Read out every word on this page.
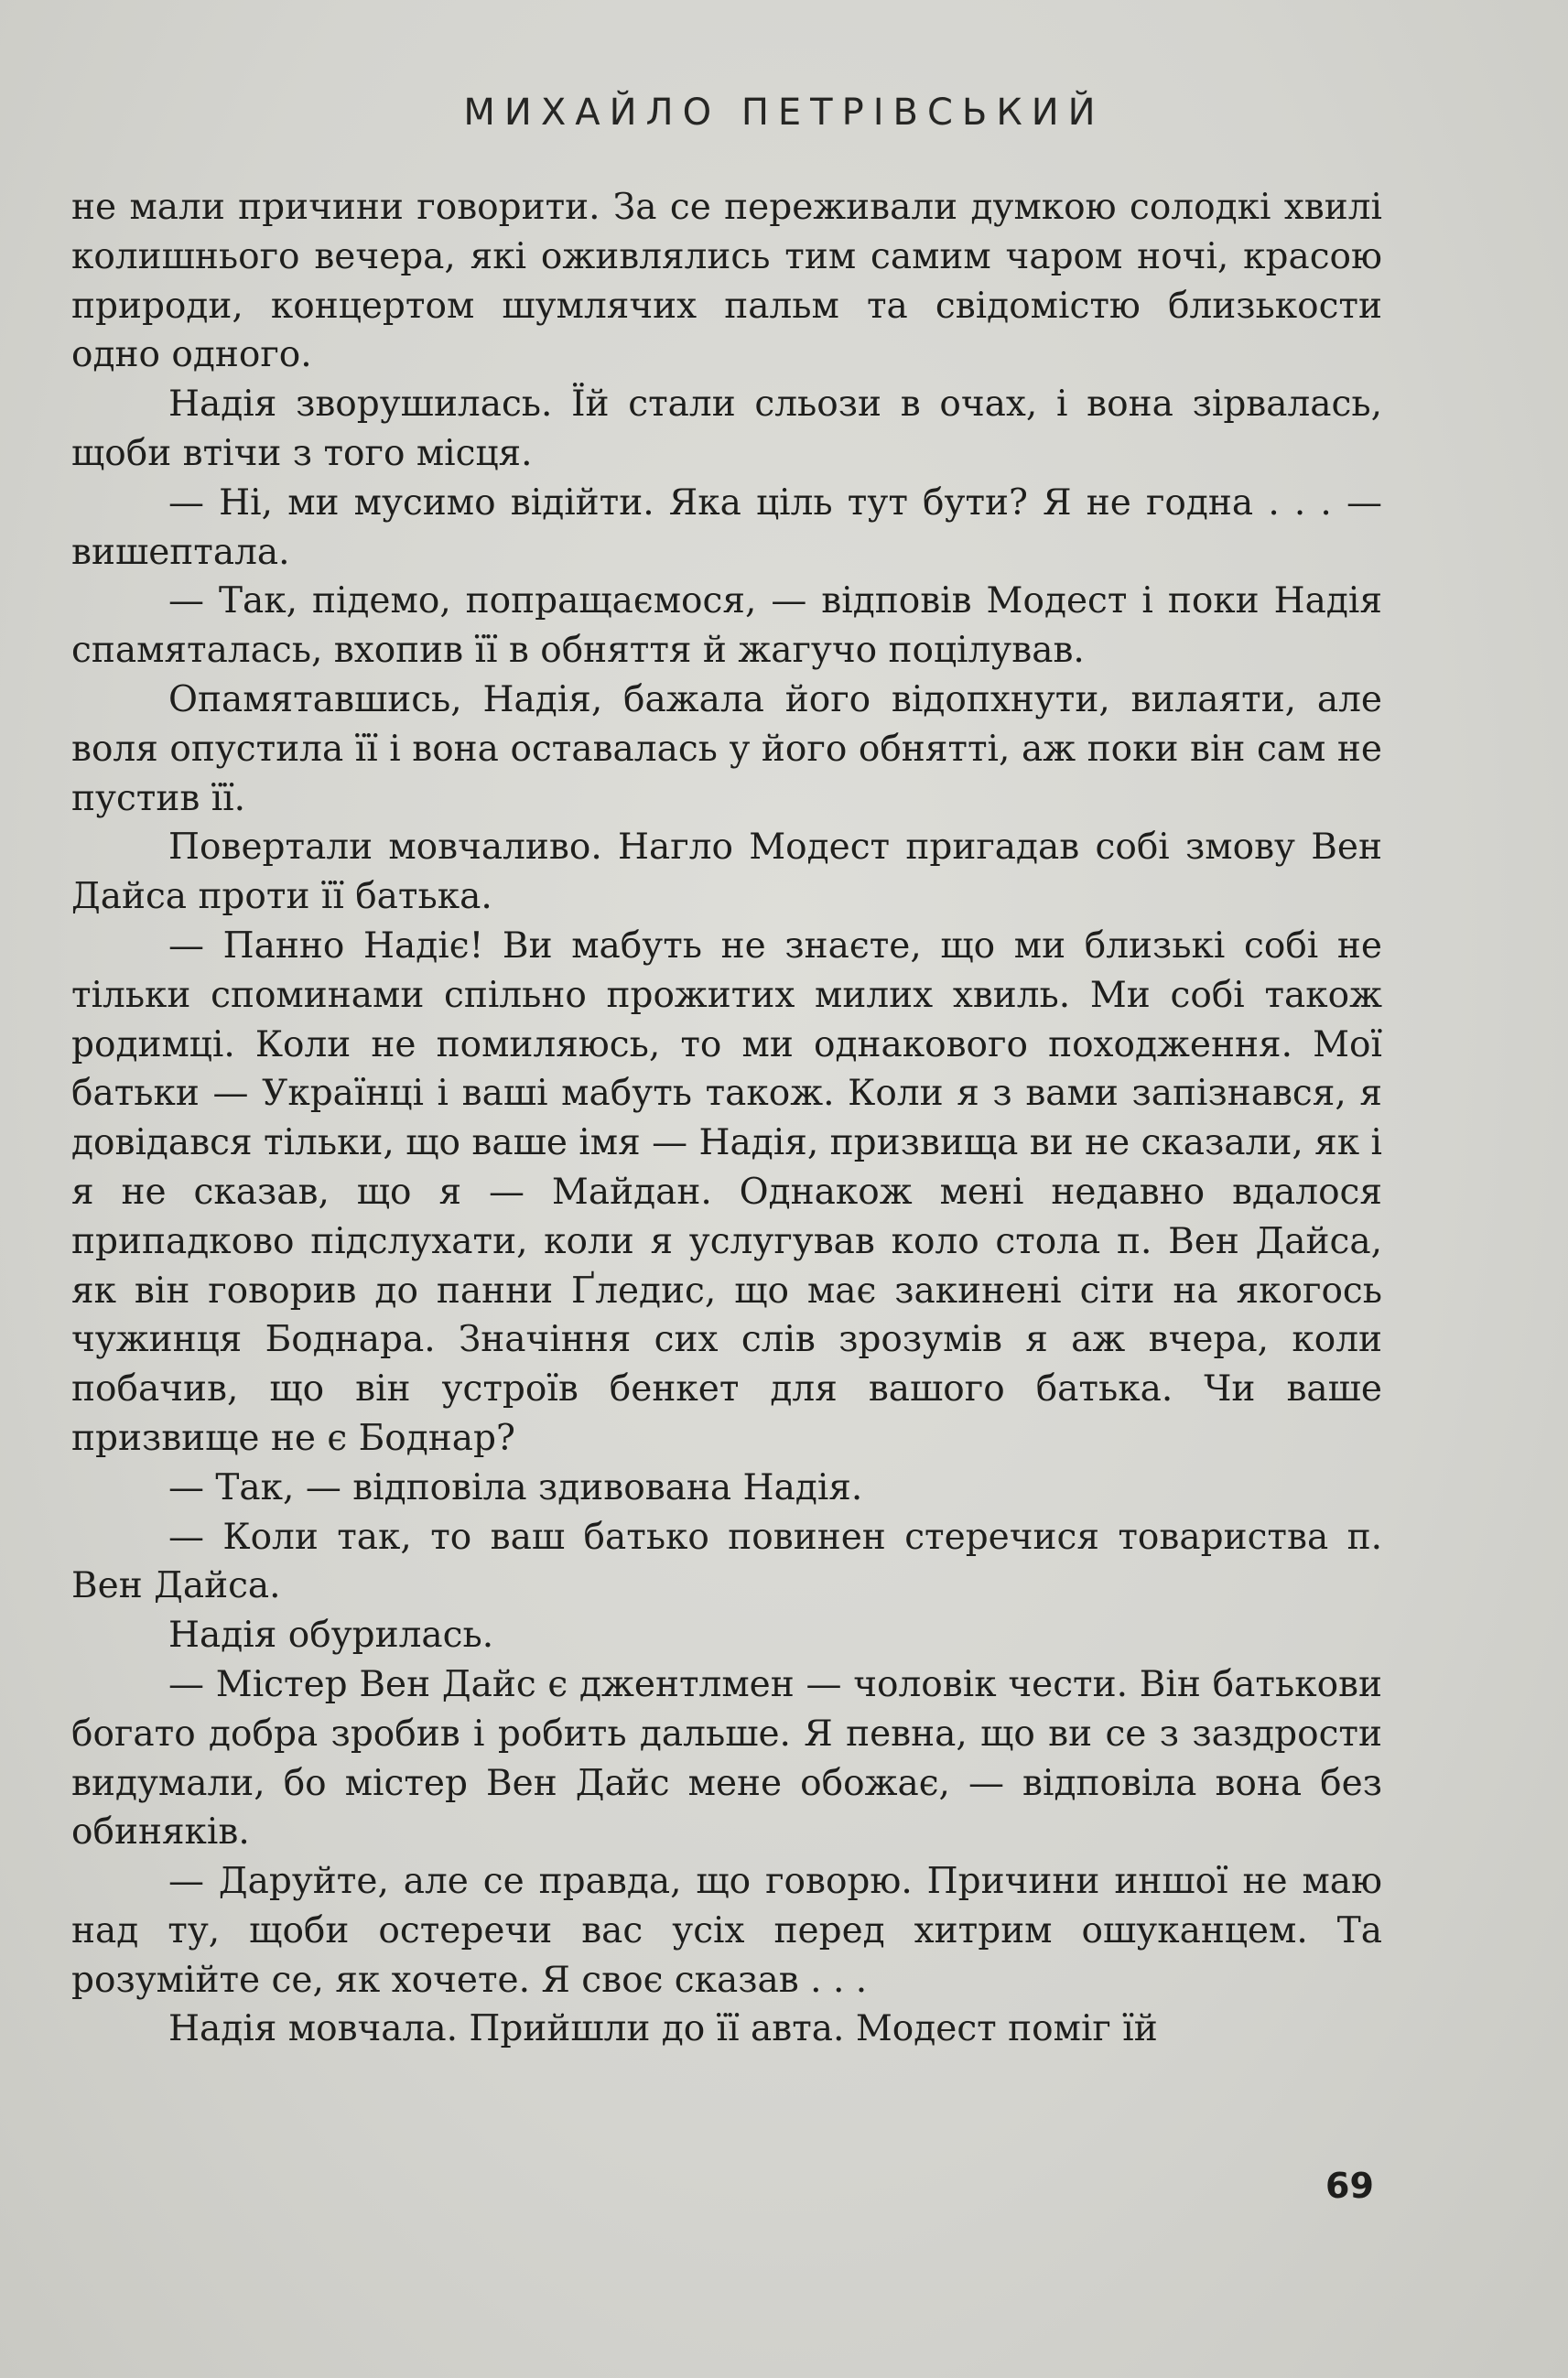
МИХАЙЛО ПЕТРІВСЬКИЙ

не мали причини говорити. За се переживали думкою солодкі хвилі колишнього вечера, які оживлялись тим самим чаром ночі, красою природи, концертом шумлячих пальм та свідомістю близькости одно одного.

Надія зворушилась. Їй стали сльози в очах, і вона зірвалась, щоби втічи з того місця.

— Ні, ми мусимо відійти. Яка ціль тут бути? Я не годна . . . — вишептала.

— Так, підемо, попращаємося, — відповів Модест і поки Надія спамяталась, вхопив її в обняття й жагучо поцілував.

Опамятавшись, Надія, бажала його відопхнути, вилаяти, але воля опустила її і вона оставалась у його обнятті, аж поки він сам не пустив її.

Повертали мовчаливо. Нагло Модест пригадав собі змову Вен Дайса проти її батька.

— Панно Надіє! Ви мабуть не знаєте, що ми близькі собі не тільки споминами спільно прожитих милих хвиль. Ми собі також родимці. Коли не помиляюсь, то ми однакового походження. Мої батьки — Українці і ваші мабуть також. Коли я з вами запізнався, я довідався тільки, що ваше імя — Надія, призвища ви не сказали, як і я не сказав, що я — Майдан. Однакож мені недавно вдалося припадково підслухати, коли я услугував коло стола п. Вен Дайса, як він говорив до панни Ґледис, що має закинені сіти на якогось чужинця Боднара. Значіння сих слів зрозумів я аж вчера, коли побачив, що він устроїв бенкет для вашого батька. Чи ваше призвище не є Боднар?

— Так, — відповіла здивована Надія.

— Коли так, то ваш батько повинен стеречися товариства п. Вен Дайса.

Надія обурилась.

— Містер Вен Дайс є джентлмен — чоловік чести. Він батькови богато добра зробив і робить дальше. Я певна, що ви се з заздрости видумали, бо містер Вен Дайс мене обожає, — відповіла вона без обиняків.

— Даруйте, але се правда, що говорю. Причини иншої не маю над ту, щоби остеречи вас усіх перед хитрим ошуканцем. Та розумійте се, як хочете. Я своє сказав . . .

Надія мовчала. Прийшли до її авта. Модест поміг їй

69
